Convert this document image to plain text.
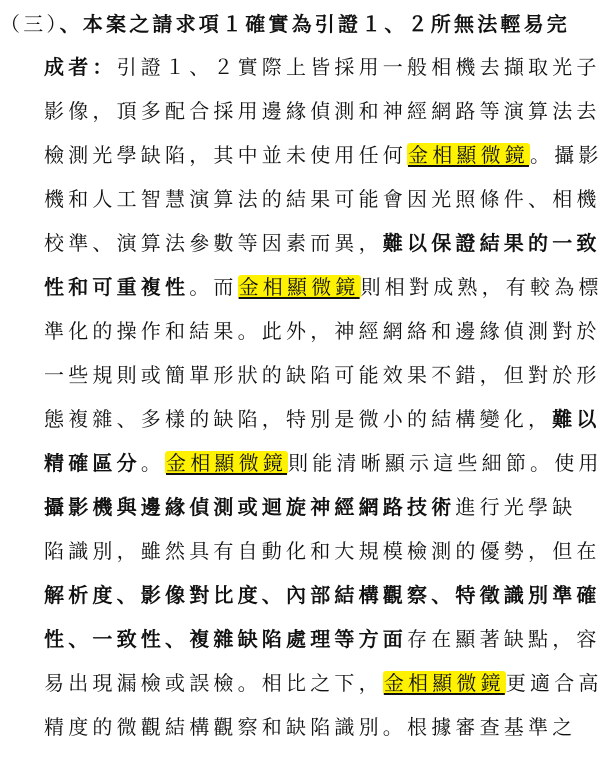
（三）、本案之請求項１確實為引證１、２所無法輕易完
成者：引證１、２實際上皆採用一般相機去擷取光子
影像，頂多配合採用邊緣偵測和神經網路等演算法去
檢測光學缺陷，其中並未使用任何金相顯微鏡。攝影
機和人工智慧演算法的結果可能會因光照條件、相機
校準、演算法參數等因素而異，難以保證結果的一致
性和可重複性。而金相顯微鏡則相對成熟，有較為標
準化的操作和結果。此外，神經網絡和邊緣偵測對於
一些規則或簡單形狀的缺陷可能效果不錯，但對於形
態複雜、多樣的缺陷，特別是微小的結構變化，難以
精確區分。金相顯微鏡則能清晰顯示這些細節。使用
攝影機與邊緣偵測或迴旋神經網路技術進行光學缺
陷識別，雖然具有自動化和大規模檢測的優勢，但在
解析度、影像對比度、內部結構觀察、特徵識別準確
性、一致性、複雜缺陷處理等方面存在顯著缺點，容
易出現漏檢或誤檢。相比之下，金相顯微鏡更適合高
精度的微觀結構觀察和缺陷識別。根據審查基準之
